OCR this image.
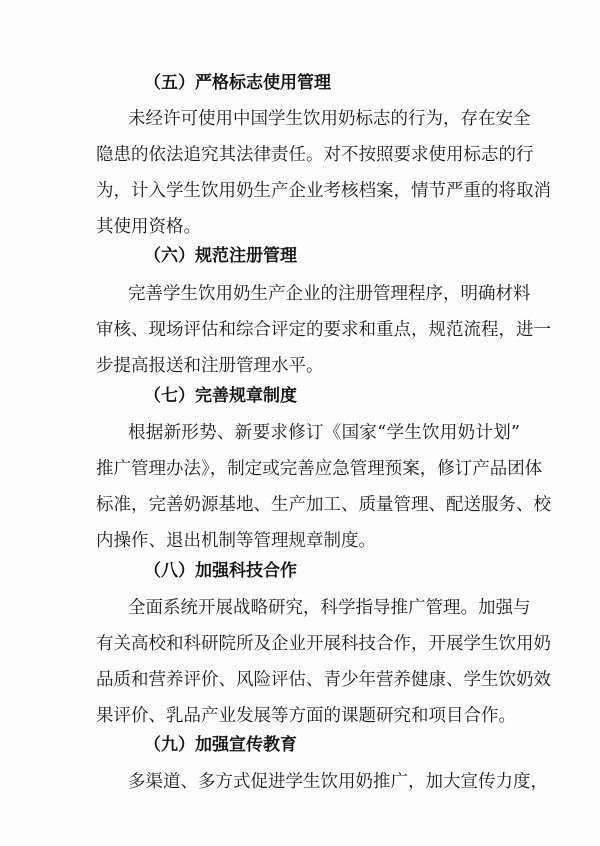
（五）严格标志使用管理
未经许可使用中国学生饮用奶标志的行为，存在安全
隐患的依法追究其法律责任。对不按照要求使用标志的行
为，计入学生饮用奶生产企业考核档案，情节严重的将取消
其使用资格。
（六）规范注册管理
完善学生饮用奶生产企业的注册管理程序，明确材料
审核、现场评估和综合评定的要求和重点，规范流程，进一
步提高报送和注册管理水平。
（七）完善规章制度
根据新形势、新要求修订《国家“学生饮用奶计划”
推广管理办法》，制定或完善应急管理预案，修订产品团体
标准，完善奶源基地、生产加工、质量管理、配送服务、校
内操作、退出机制等管理规章制度。
（八）加强科技合作
全面系统开展战略研究，科学指导推广管理。加强与
有关高校和科研院所及企业开展科技合作，开展学生饮用奶
品质和营养评价、风险评估、青少年营养健康、学生饮奶效
果评价、乳品产业发展等方面的课题研究和项目合作。
（九）加强宣传教育
多渠道、多方式促进学生饮用奶推广，加大宣传力度，
